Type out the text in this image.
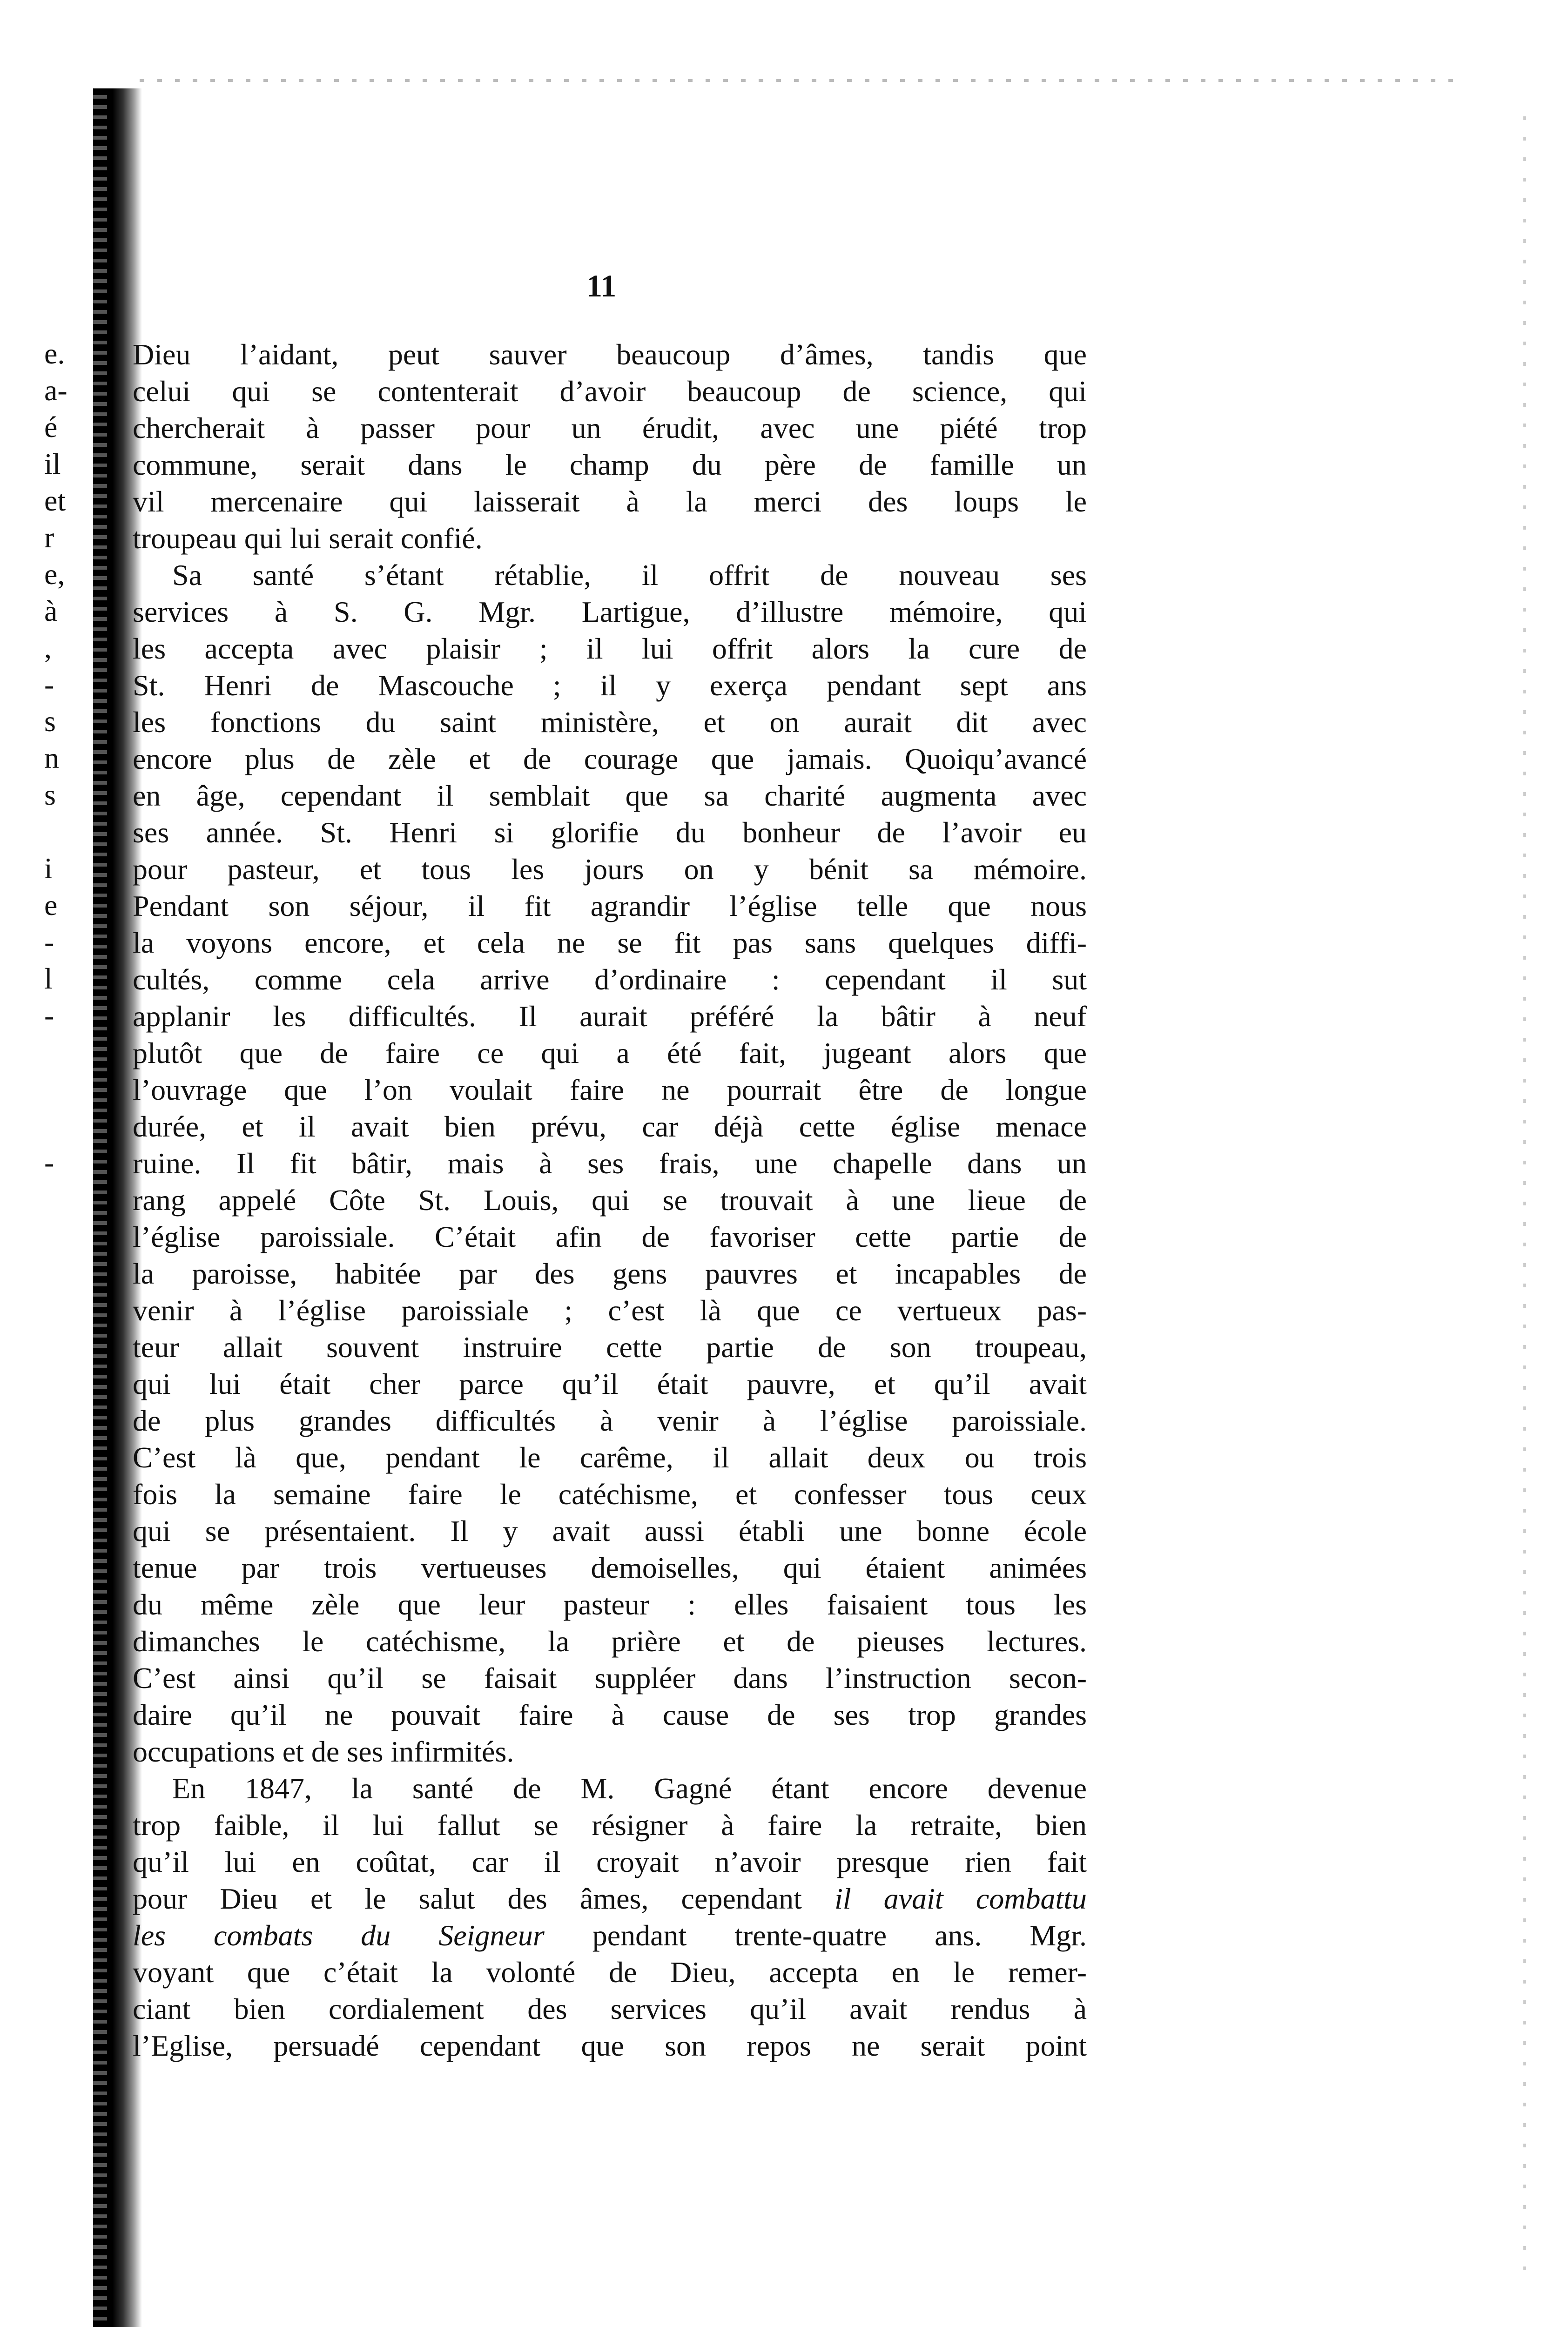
11
e.
a-
é
il
et
r
e,
à
,
-
s
n
s
i
e
-
l
-
-
Dieu l’aidant, peut sauver beaucoup d’âmes, tandis que
celui qui se contenterait d’avoir beaucoup de science, qui
chercherait à passer pour un érudit, avec une piété trop
commune, serait dans le champ du père de famille un
vil mercenaire qui laisserait à la merci des loups le
troupeau qui lui serait confié.
Sa santé s’étant rétablie, il offrit de nouveau ses
services à S. G. Mgr. Lartigue, d’illustre mémoire, qui
les accepta avec plaisir ; il lui offrit alors la cure de
St. Henri de Mascouche ; il y exerça pendant sept ans
les fonctions du saint ministère, et on aurait dit avec
encore plus de zèle et de courage que jamais. Quoiqu’avancé
en âge, cependant il semblait que sa charité augmenta avec
ses année. St. Henri si glorifie du bonheur de l’avoir eu
pour pasteur, et tous les jours on y bénit sa mémoire.
Pendant son séjour, il fit agrandir l’église telle que nous
la voyons encore, et cela ne se fit pas sans quelques diffi-
cultés, comme cela arrive d’ordinaire : cependant il sut
applanir les difficultés. Il aurait préféré la bâtir à neuf
plutôt que de faire ce qui a été fait, jugeant alors que
l’ouvrage que l’on voulait faire ne pourrait être de longue
durée, et il avait bien prévu, car déjà cette église menace
ruine. Il fit bâtir, mais à ses frais, une chapelle dans un
rang appelé Côte St. Louis, qui se trouvait à une lieue de
l’église paroissiale. C’était afin de favoriser cette partie de
la paroisse, habitée par des gens pauvres et incapables de
venir à l’église paroissiale ; c’est là que ce vertueux pas-
teur allait souvent instruire cette partie de son troupeau,
qui lui était cher parce qu’il était pauvre, et qu’il avait
de plus grandes difficultés à venir à l’église paroissiale.
C’est là que, pendant le carême, il allait deux ou trois
fois la semaine faire le catéchisme, et confesser tous ceux
qui se présentaient. Il y avait aussi établi une bonne école
tenue par trois vertueuses demoiselles, qui étaient animées
du même zèle que leur pasteur : elles faisaient tous les
dimanches le catéchisme, la prière et de pieuses lectures.
C’est ainsi qu’il se faisait suppléer dans l’instruction secon-
daire qu’il ne pouvait faire à cause de ses trop grandes
occupations et de ses infirmités.
En 1847, la santé de M. Gagné étant encore devenue
trop faible, il lui fallut se résigner à faire la retraite, bien
qu’il lui en coûtat, car il croyait n’avoir presque rien fait
pour Dieu et le salut des âmes, cependant il avait combattu
les combats du Seigneur pendant trente-quatre ans. Mgr.
voyant que c’était la volonté de Dieu, accepta en le remer-
ciant bien cordialement des services qu’il avait rendus à
l’Eglise, persuadé cependant que son repos ne serait point
